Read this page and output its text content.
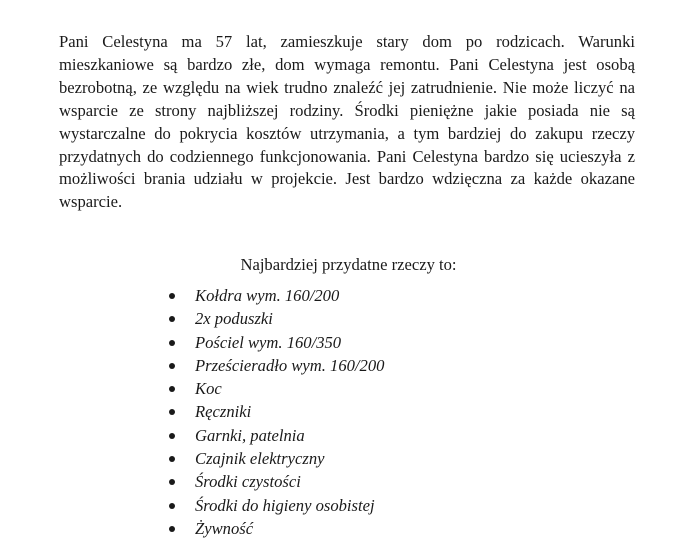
Pani Celestyna ma 57 lat, zamieszkuje stary dom po rodzicach. Warunki mieszkaniowe są bardzo złe, dom wymaga remontu. Pani Celestyna jest osobą bezrobotną, ze względu na wiek trudno znaleźć jej zatrudnienie. Nie może liczyć na wsparcie ze strony najbliższej rodziny. Środki pieniężne jakie posiada nie są wystarczalne do pokrycia kosztów utrzymania, a tym bardziej do zakupu rzeczy przydatnych do codziennego funkcjonowania. Pani Celestyna bardzo się ucieszyła z możliwości brania udziału w projekcie. Jest bardzo wdzięczna za każde okazane wsparcie.

Najbardziej przydatne rzeczy to:

Kołdra wym. 160/200
2x poduszki
Pościel wym. 160/350
Prześcieradło wym. 160/200
Koc
Ręczniki
Garnki, patelnia
Czajnik elektryczny
Środki czystości
Środki do higieny osobistej
Żywność
